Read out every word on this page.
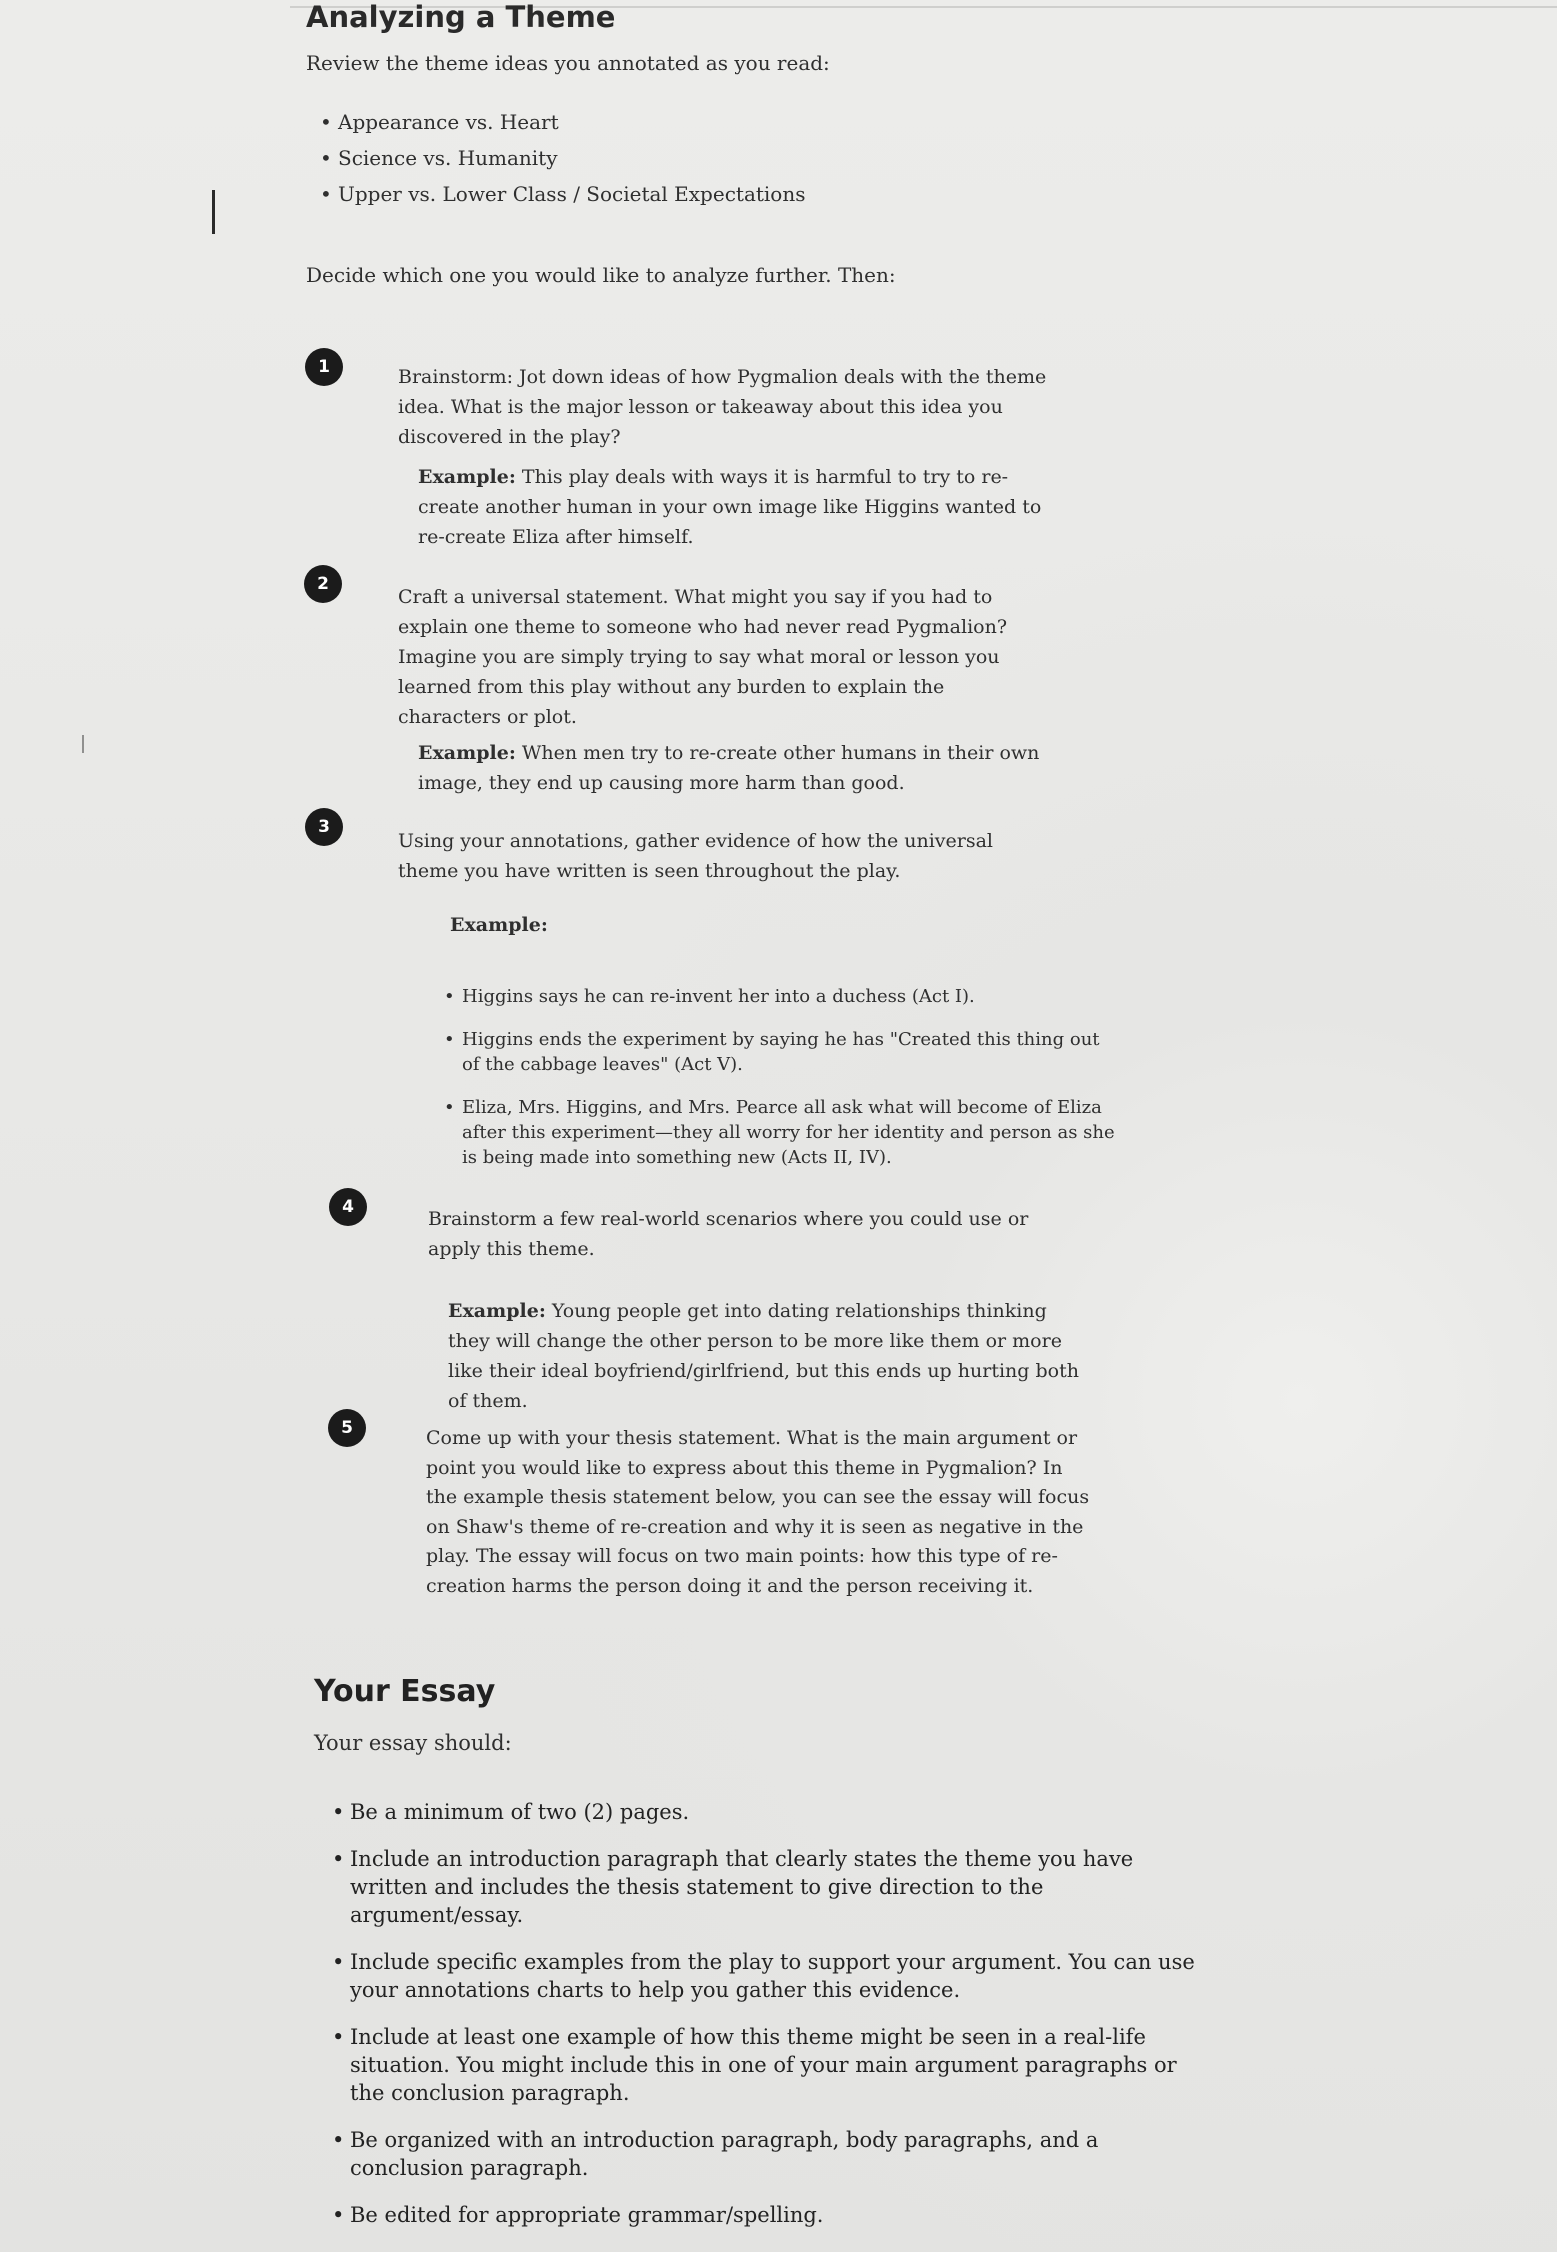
Analyzing a Theme
Review the theme ideas you annotated as you read:
• Appearance vs. Heart
• Science vs. Humanity
• Upper vs. Lower Class / Societal Expectations
Decide which one you would like to analyze further. Then:
1	Brainstorm: Jot down ideas of how Pygmalion deals with the theme idea. What is the major lesson or takeaway about this idea you discovered in the play?
Example: This play deals with ways it is harmful to try to re-create another human in your own image like Higgins wanted to re-create Eliza after himself.
2
Craft a universal statement. What might you say if you had to explain one theme to someone who had never read Pygmalion? Imagine you are simply trying to say what moral or lesson you learned from this play without any burden to explain the characters or plot.
Example: When men try to re-create other humans in their own image, they end up causing more harm than good.
3
Using your annotations, gather evidence of how the universal theme you have written is seen throughout the play.
Example:
• Higgins says he can re-invent her into a duchess (Act I).
• Higgins ends the experiment by saying he has "Created this thing out of the cabbage leaves" (Act V).
• Eliza, Mrs. Higgins, and Mrs. Pearce all ask what will become of Eliza after this experiment—they all worry for her identity and person as she is being made into something new (Acts II, IV).
4
Brainstorm a few real-world scenarios where you could use or apply this theme.
Example: Young people get into dating relationships thinking they will change the other person to be more like them or more like their ideal boyfriend/girlfriend, but this ends up hurting both of them.
5	Come up with your thesis statement. What is the main argument or point you would like to express about this theme in Pygmalion? In the example thesis statement below, you can see the essay will focus on Shaw's theme of re-creation and why it is seen as negative in the play. The essay will focus on two main points: how this type of re-creation harms the person doing it and the person receiving it.
Your Essay
Your essay should:
• Be a minimum of two (2) pages.
• Include an introduction paragraph that clearly states the theme you have written and includes the thesis statement to give direction to the argument/essay.
• Include specific examples from the play to support your argument. You can use your annotations charts to help you gather this evidence.
• Include at least one example of how this theme might be seen in a real-life situation. You might include this in one of your main argument paragraphs or the conclusion paragraph.
• Be organized with an introduction paragraph, body paragraphs, and a conclusion paragraph.
• Be edited for appropriate grammar/spelling.
